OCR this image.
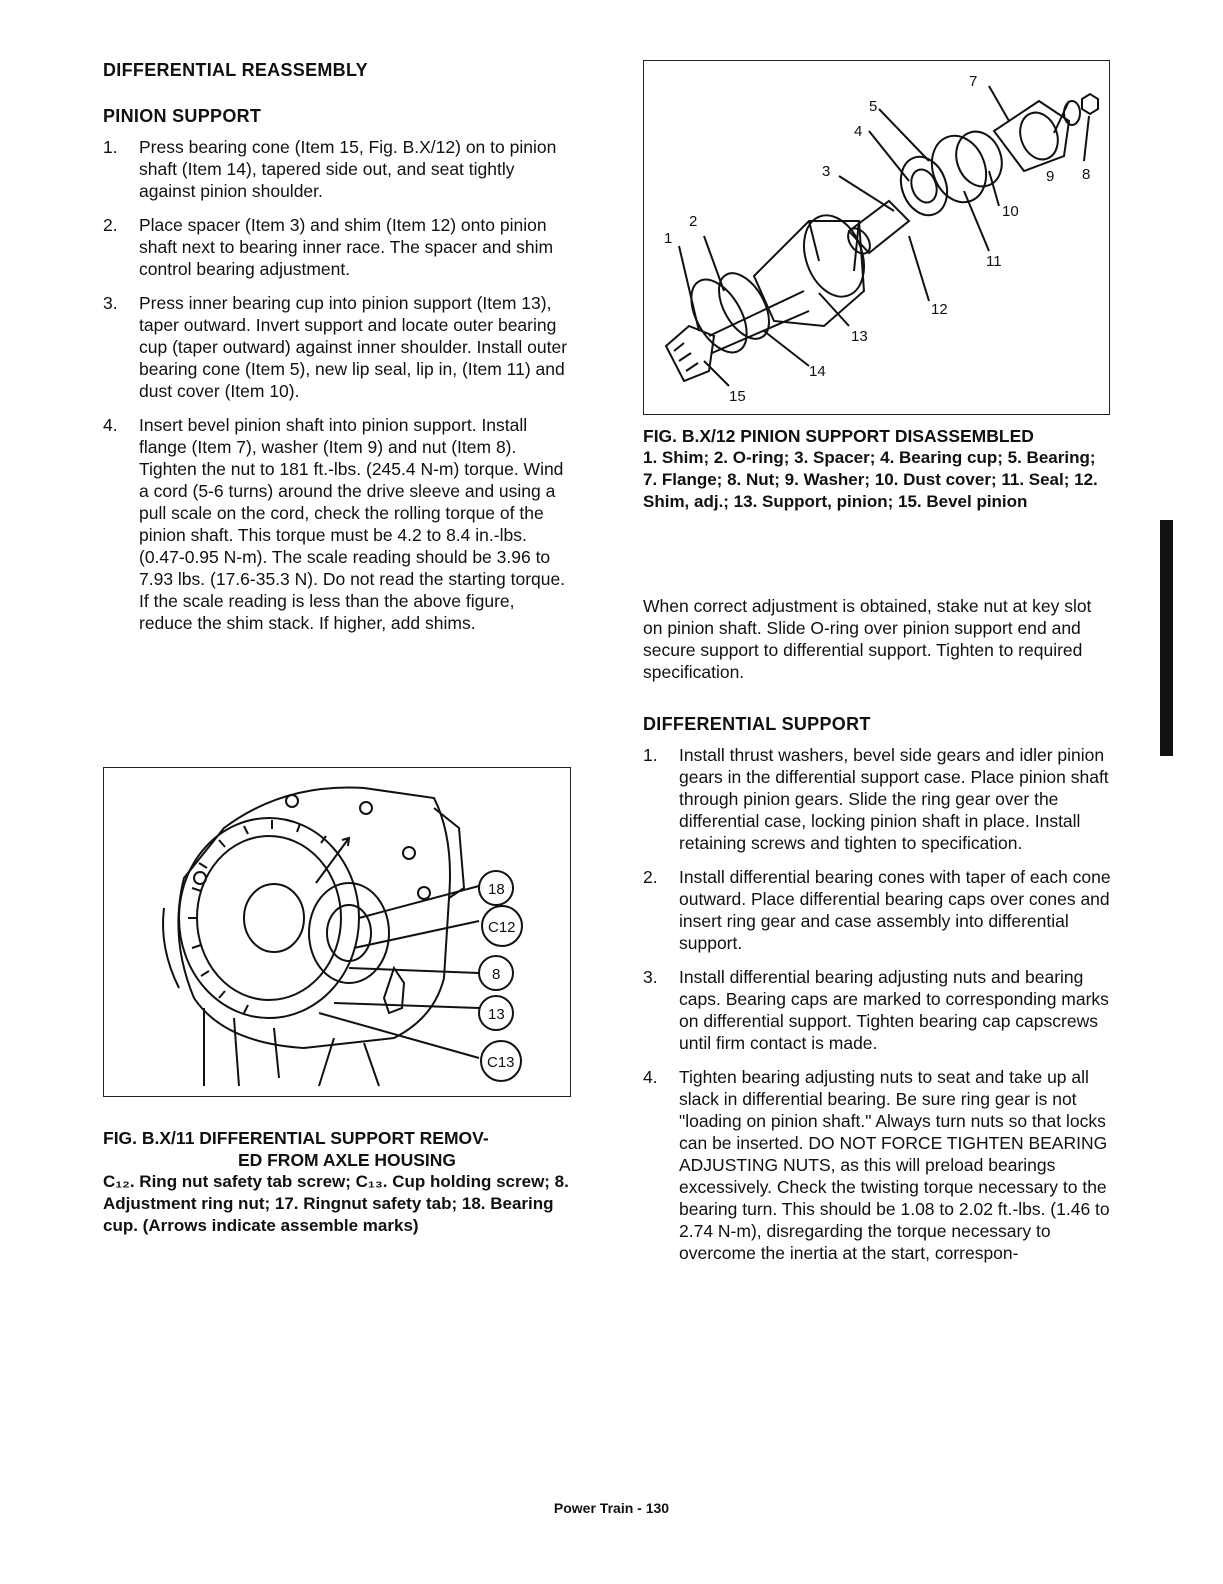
DIFFERENTIAL REASSEMBLY
PINION SUPPORT
1. Press bearing cone (Item 15, Fig. B.X/12) on to pinion shaft (Item 14), tapered side out, and seat tightly against pinion shoulder.
2. Place spacer (Item 3) and shim (Item 12) onto pinion shaft next to bearing inner race. The spacer and shim control bearing adjustment.
3. Press inner bearing cup into pinion support (Item 13), taper outward. Invert support and locate outer bearing cup (taper outward) against inner shoulder. Install outer bearing cone (Item 5), new lip seal, lip in, (Item 11) and dust cover (Item 10).
4. Insert bevel pinion shaft into pinion support. Install flange (Item 7), washer (Item 9) and nut (Item 8). Tighten the nut to 181 ft.-lbs. (245.4 N-m) torque. Wind a cord (5-6 turns) around the drive sleeve and using a pull scale on the cord, check the rolling torque of the pinion shaft. This torque must be 4.2 to 8.4 in.-lbs. (0.47-0.95 N-m). The scale reading should be 3.96 to 7.93 lbs. (17.6-35.3 N). Do not read the starting torque. If the scale reading is less than the above figure, reduce the shim stack. If higher, add shims.
18
C12
8
13
C13

FIG. B.X/11 DIFFERENTIAL SUPPORT REMOV-

ED FROM AXLE HOUSING

C₁₂. Ring nut safety tab screw; C₁₃. Cup holding screw; 8. Adjustment ring nut; 17. Ringnut safety tab; 18. Bearing cup. (Arrows indicate assemble marks)

1
2
3
4
5
7
8
9
10
11
12
13
14
15

FIG. B.X/12 PINION SUPPORT DISASSEMBLED

1. Shim; 2. O-ring; 3. Spacer; 4. Bearing cup; 5. Bearing; 7. Flange; 8. Nut; 9. Washer; 10. Dust cover; 11. Seal; 12. Shim, adj.; 13. Support, pinion; 15. Bevel pinion

When correct adjustment is obtained, stake nut at key slot on pinion shaft. Slide O-ring over pinion support end and secure support to differential support. Tighten to required specification.

DIFFERENTIAL SUPPORT
1. Install thrust washers, bevel side gears and idler pinion gears in the differential support case. Place pinion shaft through pinion gears. Slide the ring gear over the differential case, locking pinion shaft in place. Install retaining screws and tighten to specification.
2. Install differential bearing cones with taper of each cone outward. Place differential bearing caps over cones and insert ring gear and case assembly into differential support.
3. Install differential bearing adjusting nuts and bearing caps. Bearing caps are marked to corresponding marks on differential support. Tighten bearing cap capscrews until firm contact is made.
4. Tighten bearing adjusting nuts to seat and take up all slack in differential bearing. Be sure ring gear is not "loading on pinion shaft." Always turn nuts so that locks can be inserted. DO NOT FORCE TIGHTEN BEARING ADJUSTING NUTS, as this will preload bearings excessively. Check the twisting torque necessary to the bearing turn. This should be 1.08 to 2.02 ft.-lbs. (1.46 to 2.74 N-m), disregarding the torque necessary to overcome the inertia at the start, correspon-
Power Train - 130
